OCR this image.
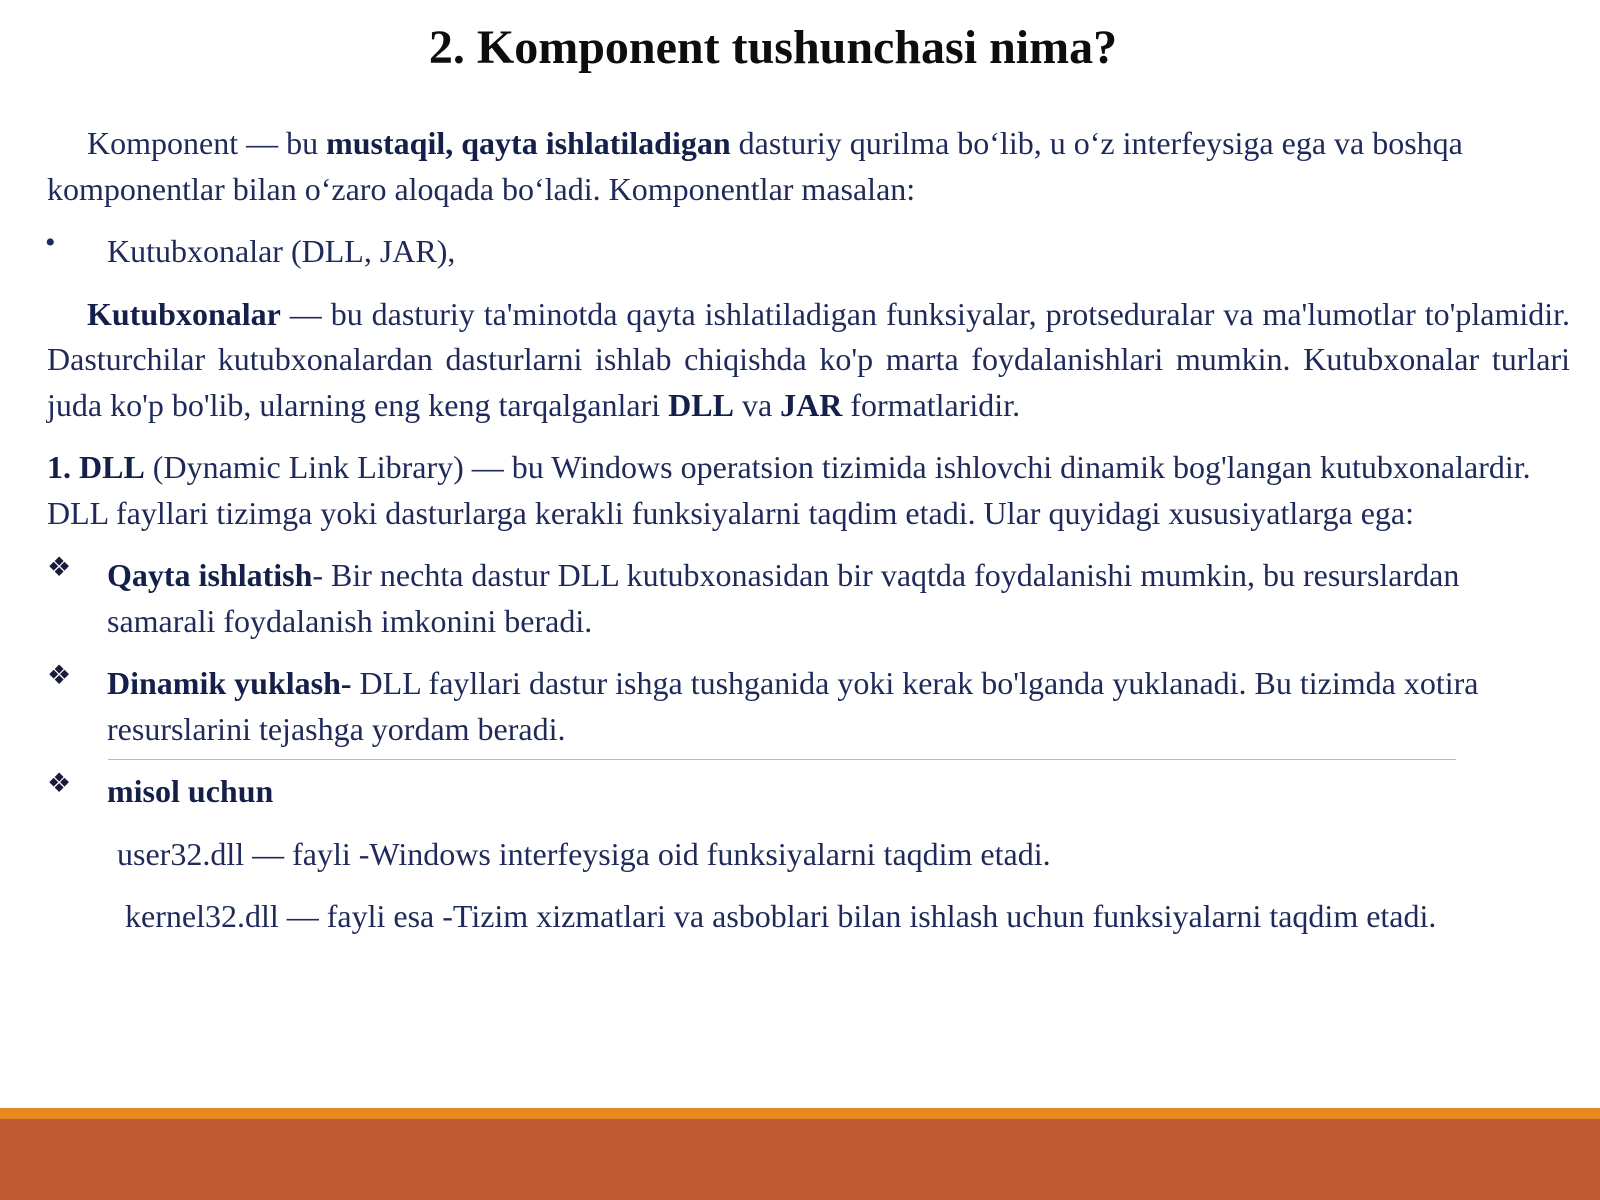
2. Komponent tushunchasi nima?

Komponent — bu mustaqil, qayta ishlatiladigan dasturiy qurilma bo‘lib, u o‘z interfeysiga ega va boshqa komponentlar bilan o‘zaro aloqada bo‘ladi. Komponentlar masalan:

• Kutubxonalar (DLL, JAR),

Kutubxonalar — bu dasturiy ta'minotda qayta ishlatiladigan funksiyalar, protseduralar va ma'lumotlar to'plamidir. Dasturchilar kutubxonalardan dasturlarni ishlab chiqishda ko'p marta foydalanishlari mumkin. Kutubxonalar turlari juda ko'p bo'lib, ularning eng keng tarqalganlari DLL va JAR formatlaridir.

1. DLL (Dynamic Link Library) — bu Windows operatsion tizimida ishlovchi dinamik bog'langan kutubxonalardir. DLL fayllari tizimga yoki dasturlarga kerakli funksiyalarni taqdim etadi. Ular quyidagi xususiyatlarga ega:

❖ Qayta ishlatish- Bir nechta dastur DLL kutubxonasidan bir vaqtda foydalanishi mumkin, bu resurslardan samarali foydalanish imkonini beradi.
❖ Dinamik yuklash- DLL fayllari dastur ishga tushganida yoki kerak bo'lganda yuklanadi. Bu tizimda xotira resurslarini tejashga yordam beradi.
❖ misol uchun

user32.dll — fayli -Windows interfeysiga oid funksiyalarni taqdim etadi.

kernel32.dll — fayli esa -Tizim xizmatlari va asboblari bilan ishlash uchun funksiyalarni taqdim etadi.
